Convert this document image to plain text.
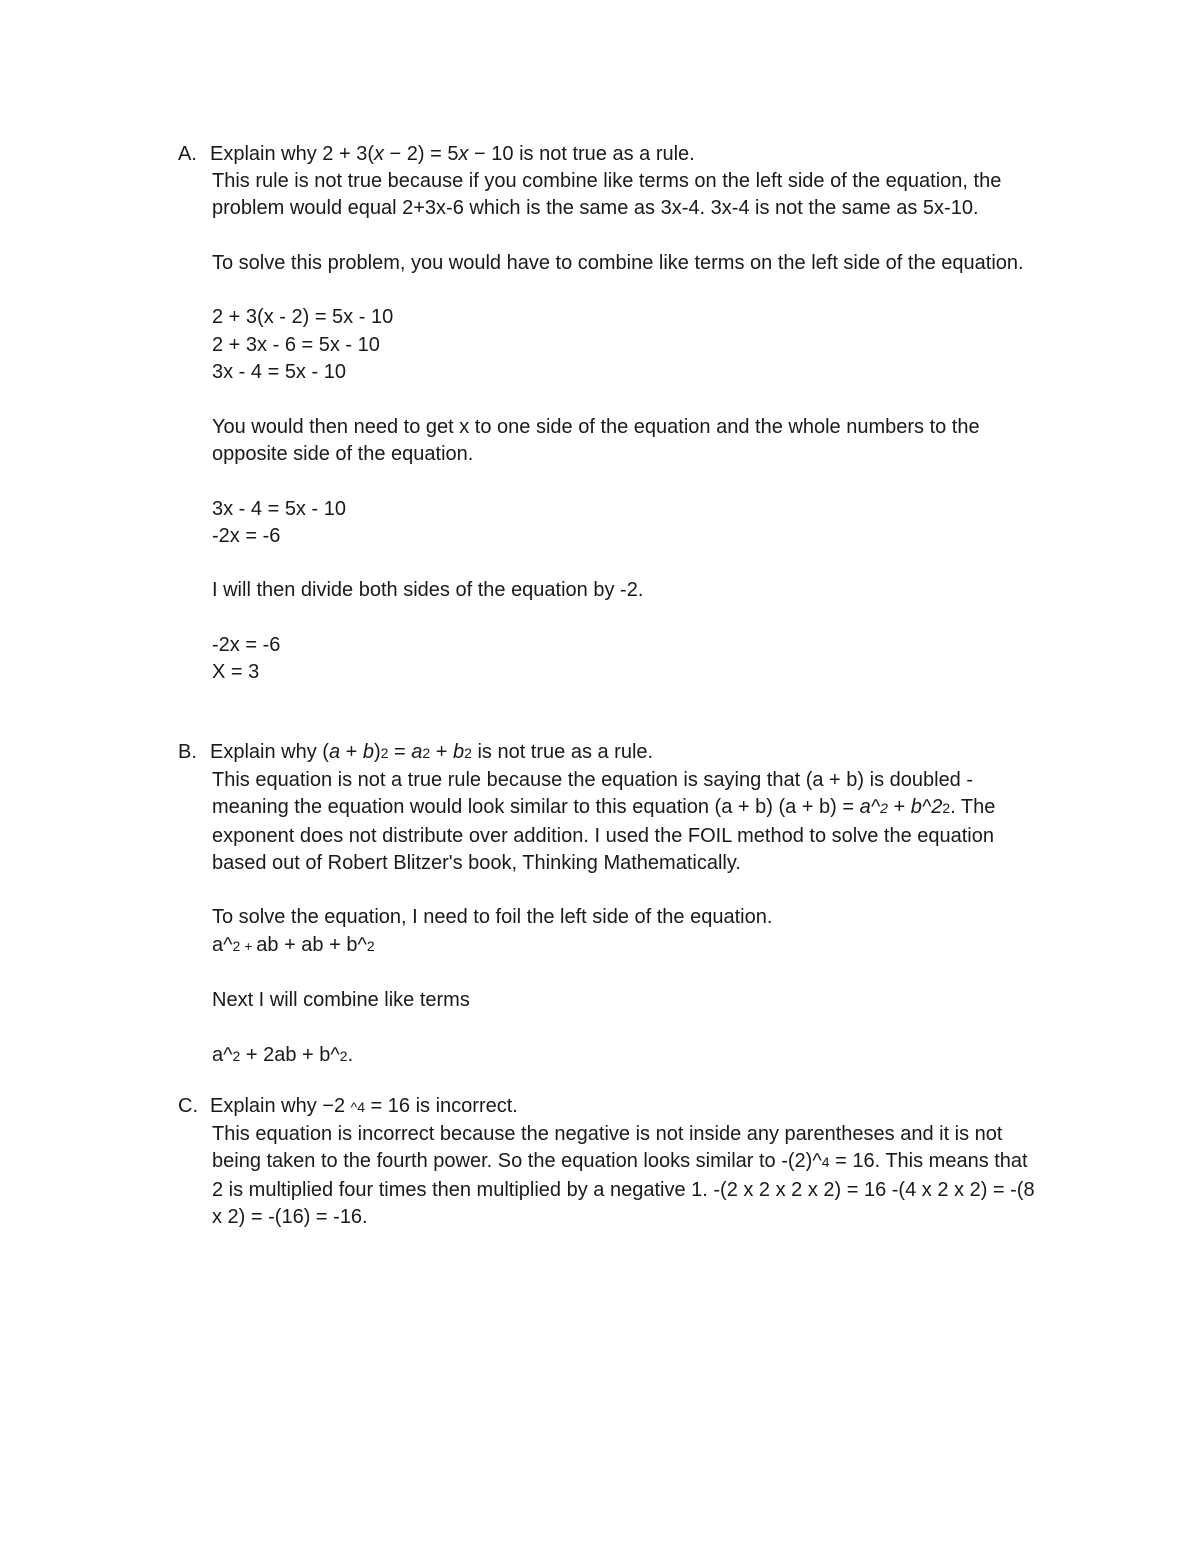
A. Explain why 2 + 3(x − 2) = 5x − 10 is not true as a rule.

This rule is not true because if you combine like terms on the left side of the equation, the problem would equal 2+3x-6 which is the same as 3x-4. 3x-4 is not the same as 5x-10.

To solve this problem, you would have to combine like terms on the left side of the equation.

2 + 3(x - 2) = 5x - 10

2 + 3x - 6 = 5x - 10

3x - 4 = 5x - 10

You would then need to get x to one side of the equation and the whole numbers to the opposite side of the equation.

3x - 4 = 5x - 10

-2x = -6

I will then divide both sides of the equation by -2.

-2x = -6

X = 3

B. Explain why (a + b)2 = a2 + b2 is not true as a rule.

This equation is not a true rule because the equation is saying that (a + b) is doubled - meaning the equation would look similar to this equation (a + b) (a + b) = a^2 + b^22. The exponent does not distribute over addition. I used the FOIL method to solve the equation based out of Robert Blitzer's book, Thinking Mathematically.

To solve the equation, I need to foil the left side of the equation.

a^2 + ab + ab + b^2

Next I will combine like terms

a^2 + 2ab + b^2.

C. Explain why −2 ^4 = 16 is incorrect.

This equation is incorrect because the negative is not inside any parentheses and it is not being taken to the fourth power. So the equation looks similar to -(2)^4 = 16. This means that 2 is multiplied four times then multiplied by a negative 1. -(2 x 2 x 2 x 2) = 16 -(4 x 2 x 2) = -(8 x 2) = -(16) = -16.
